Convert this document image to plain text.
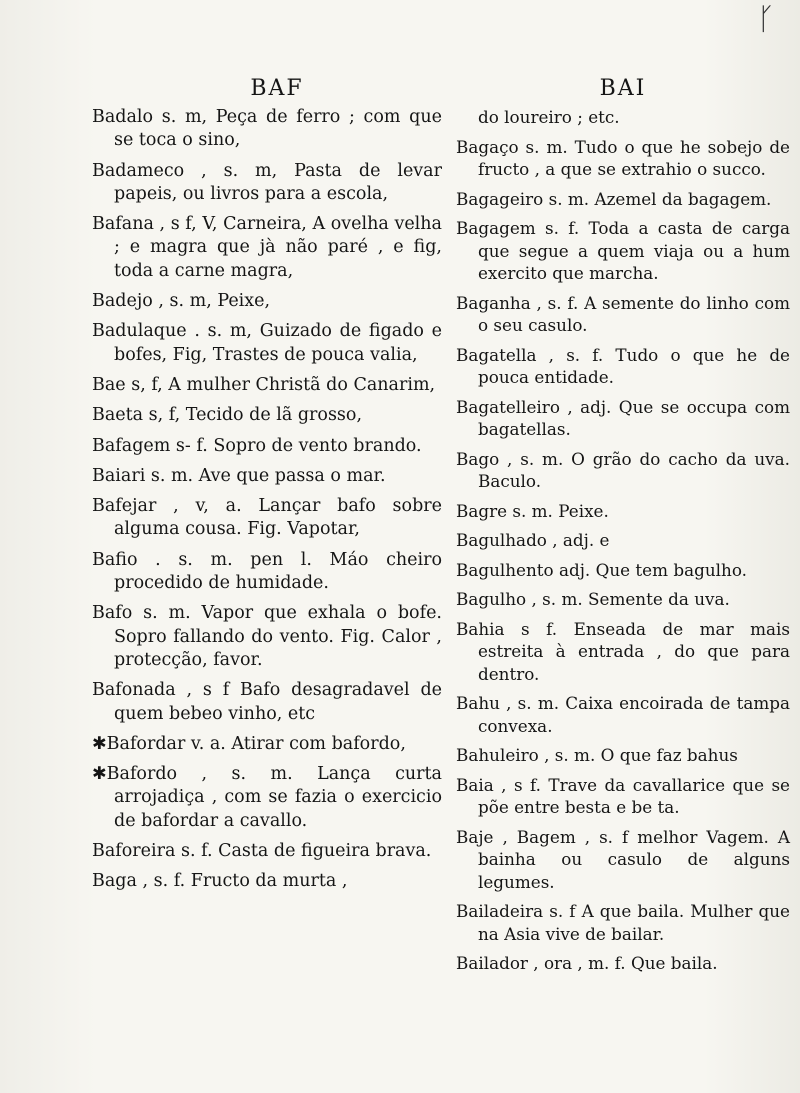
ᚴ
BAF

Badalo s. m, Peça de ferro ; com que se toca o sino,

Badameco , s. m, Pasta de levar papeis, ou livros para a escola,

Bafana , s f, V, Carneira, A ovelha velha ; e magra que jà não paré , e fig, toda a carne magra,

Badejo , s. m, Peixe,

Badulaque . s. m, Guizado de figado e bofes, Fig, Trastes de pouca valia,

Bae s, f, A mulher Christã do Canarim,

Baeta s, f, Tecido de lã grosso,

Bafagem s- f. Sopro de vento brando.

Baiari s. m. Ave que passa o mar.

Bafejar , v, a. Lançar bafo sobre alguma cousa. Fig. Vapotar,

Bafio . s. m. pen l. Máo cheiro procedido de humidade.

Bafo s. m. Vapor que exhala o bofe. Sopro fallando do vento. Fig. Calor , protecção, favor.

Bafonada , s f Bafo desagradavel de quem bebeo vinho, etc

✱Bafordar v. a. Atirar com bafordo,

✱Bafordo , s. m. Lança curta arrojadiça , com se fazia o exercicio de bafordar a cavallo.

Baforeira s. f. Casta de figueira brava.

Baga , s. f. Fructo da murta ,

BAI

do loureiro ; etc.

Bagaço s. m. Tudo o que he sobejo de fructo , a que se extrahio o succo.

Bagageiro s. m. Azemel da bagagem.

Bagagem s. f. Toda a casta de carga que segue a quem viaja ou a hum exercito que marcha.

Baganha , s. f. A semente do linho com o seu casulo.

Bagatella , s. f. Tudo o que he de pouca entidade.

Bagatelleiro , adj. Que se occupa com bagatellas.

Bago , s. m. O grão do cacho da uva. Baculo.

Bagre s. m. Peixe.

Bagulhado , adj. e

Bagulhento adj. Que tem bagulho.

Bagulho , s. m. Semente da uva.

Bahia s f. Enseada de mar mais estreita à entrada , do que para dentro.

Bahu , s. m. Caixa encoirada de tampa convexa.

Bahuleiro , s. m. O que faz bahus

Baia , s f. Trave da cavallarice que se põe entre besta e be ta.

Baje , Bagem , s. f melhor Vagem. A bainha ou casulo de alguns legumes.

Bailadeira s. f A que baila. Mulher que na Asia vive de bailar.

Bailador , ora , m. f. Que baila.
